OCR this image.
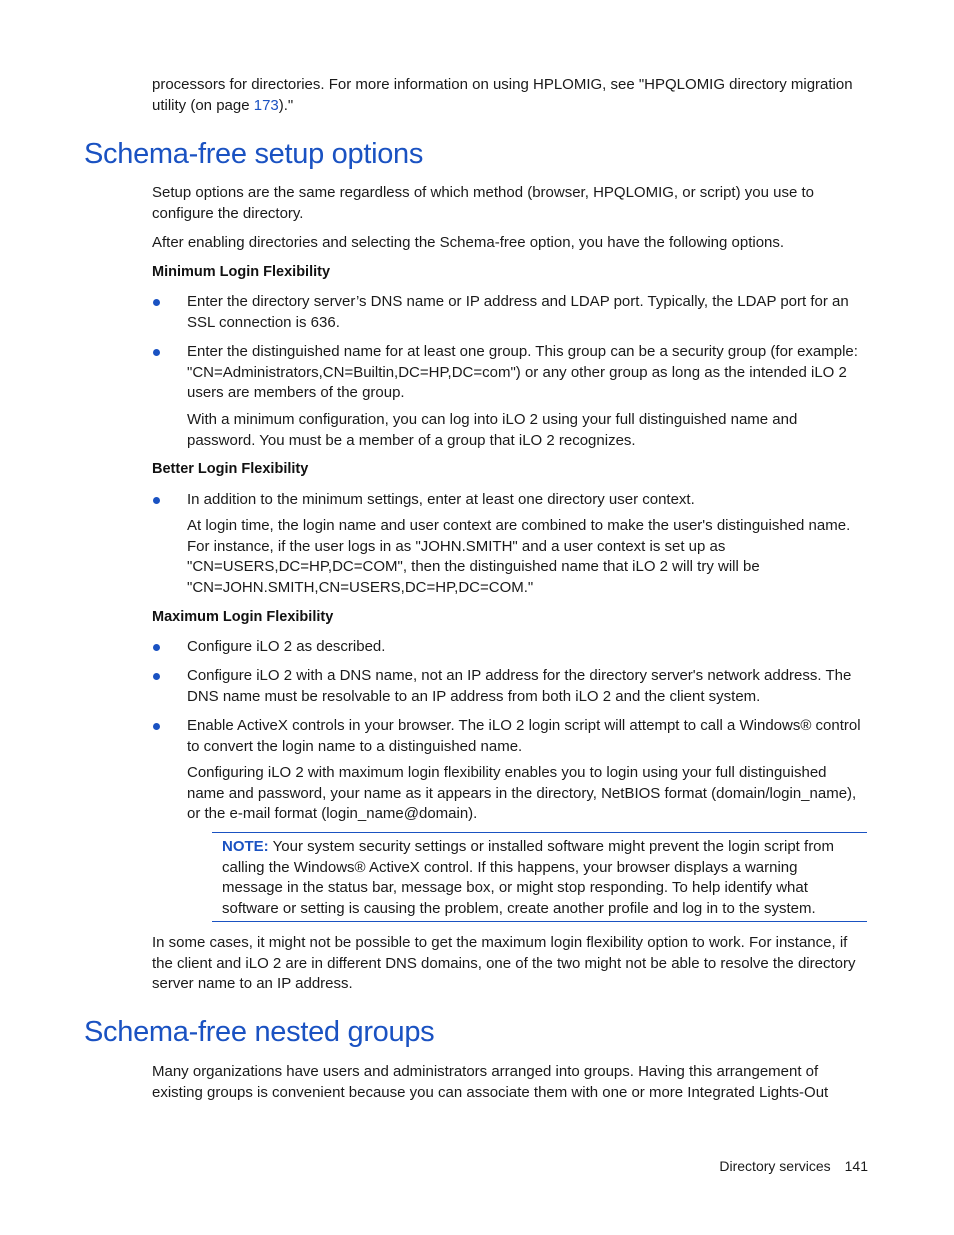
processors for directories. For more information on using HPLOMIG, see "HPQLOMIG directory migration
utility (on page 173)."

Schema-free setup options

Setup options are the same regardless of which method (browser, HPQLOMIG, or script) you use to configure the directory.

After enabling directories and selecting the Schema-free option, you have the following options.

Minimum Login Flexibility

Enter the directory server’s DNS name or IP address and LDAP port. Typically, the LDAP port for an SSL connection is 636.

Enter the distinguished name for at least one group. This group can be a security group (for example: "CN=Administrators,CN=Builtin,DC=HP,DC=com") or any other group as long as the intended iLO 2 users are members of the group.

With a minimum configuration, you can log into iLO 2 using your full distinguished name and password. You must be a member of a group that iLO 2 recognizes.

Better Login Flexibility

In addition to the minimum settings, enter at least one directory user context.

At login time, the login name and user context are combined to make the user's distinguished name. For instance, if the user logs in as "JOHN.SMITH" and a user context is set up as "CN=USERS,DC=HP,DC=COM", then the distinguished name that iLO 2 will try will be "CN=JOHN.SMITH,CN=USERS,DC=HP,DC=COM."

Maximum Login Flexibility

Configure iLO 2 as described.

Configure iLO 2 with a DNS name, not an IP address for the directory server's network address. The DNS name must be resolvable to an IP address from both iLO 2 and the client system.

Enable ActiveX controls in your browser. The iLO 2 login script will attempt to call a Windows® control to convert the login name to a distinguished name.

Configuring iLO 2 with maximum login flexibility enables you to login using your full distinguished name and password, your name as it appears in the directory, NetBIOS format (domain/login_name), or the e-mail format (login_name@domain).

NOTE: Your system security settings or installed software might prevent the login script from calling the Windows® ActiveX control. If this happens, your browser displays a warning message in the status bar, message box, or might stop responding. To help identify what software or setting is causing the problem, create another profile and log in to the system.

In some cases, it might not be possible to get the maximum login flexibility option to work. For instance, if the client and iLO 2 are in different DNS domains, one of the two might not be able to resolve the directory server name to an IP address.

Schema-free nested groups

Many organizations have users and administrators arranged into groups. Having this arrangement of existing groups is convenient because you can associate them with one or more Integrated Lights-Out

Directory services 141
